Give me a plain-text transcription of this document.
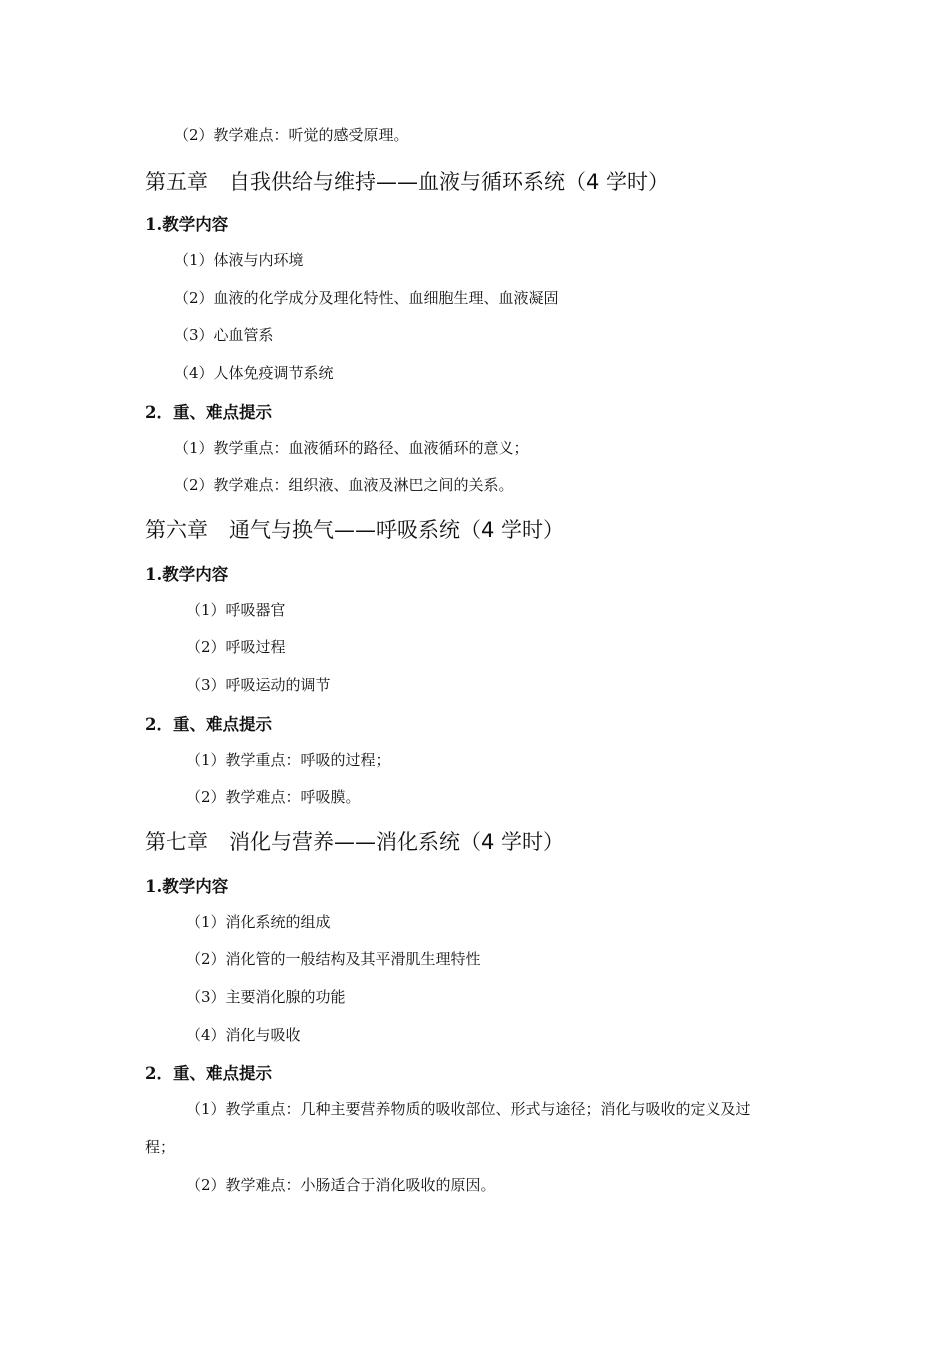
（2）教学难点：听觉的感受原理。
第五章　自我供给与维持——血液与循环系统（4 学时）
1.教学内容
（1）体液与内环境
（2）血液的化学成分及理化特性、血细胞生理、血液凝固
（3）心血管系
（4）人体免疫调节系统
2．重、难点提示
（1）教学重点：血液循环的路径、血液循环的意义；
（2）教学难点：组织液、血液及淋巴之间的关系。
第六章　通气与换气——呼吸系统（4 学时）
1.教学内容
（1）呼吸器官
（2）呼吸过程
（3）呼吸运动的调节
2．重、难点提示
（1）教学重点：呼吸的过程；
（2）教学难点：呼吸膜。
第七章　消化与营养——消化系统（4 学时）
1.教学内容
（1）消化系统的组成
（2）消化管的一般结构及其平滑肌生理特性
（3）主要消化腺的功能
（4）消化与吸收
2．重、难点提示
（1）教学重点：几种主要营养物质的吸收部位、形式与途径；消化与吸收的定义及过
程；
（2）教学难点：小肠适合于消化吸收的原因。
